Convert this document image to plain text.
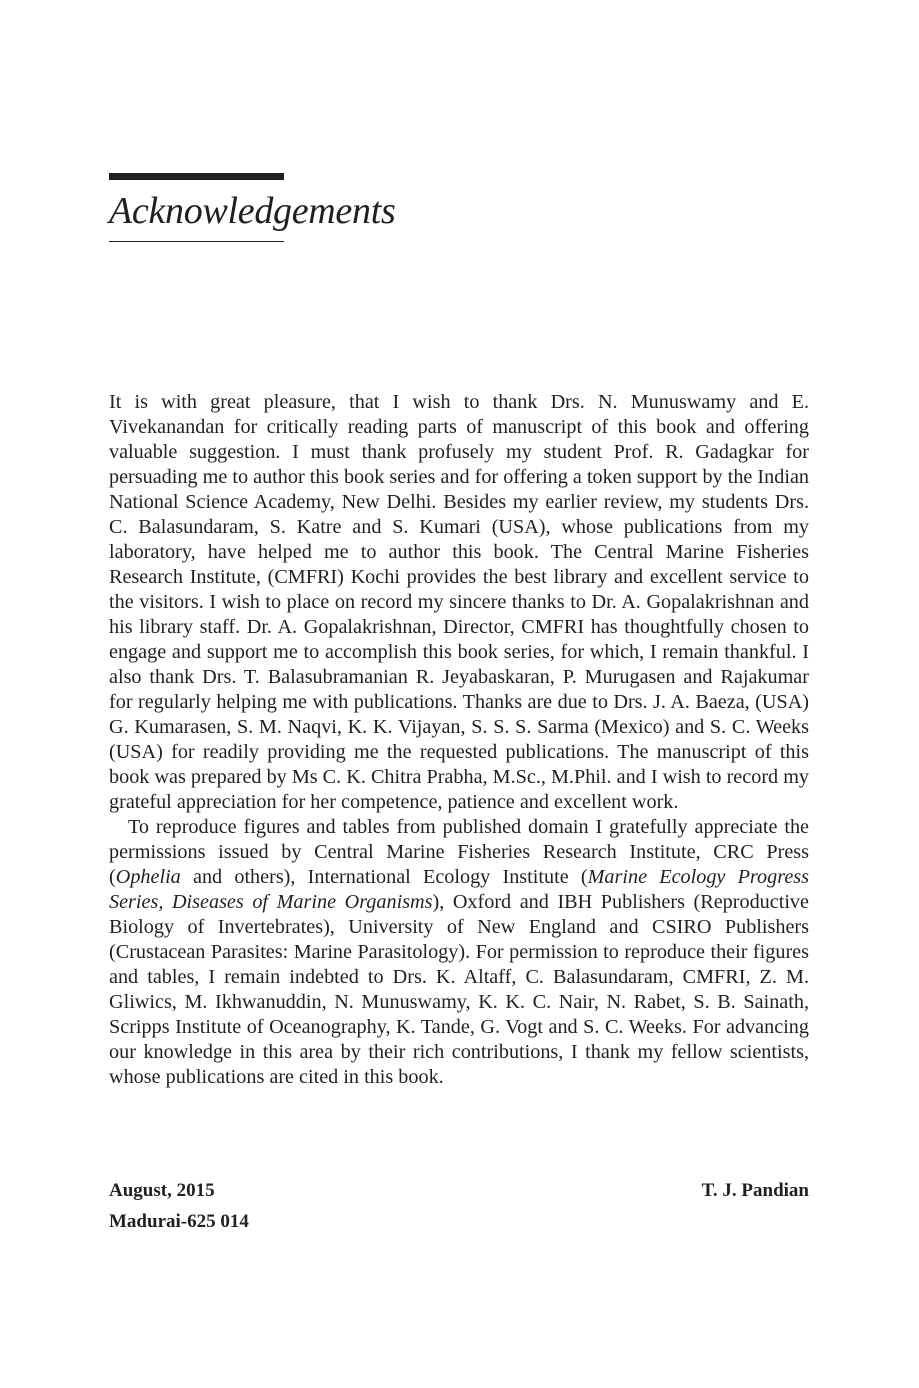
Acknowledgements

It is with great pleasure, that I wish to thank Drs. N. Munuswamy and E. Vivekanandan for critically reading parts of manuscript of this book and offering valuable suggestion. I must thank profusely my student Prof. R. Gadagkar for persuading me to author this book series and for offering a token support by the Indian National Science Academy, New Delhi. Besides my earlier review, my students Drs. C. Balasundaram, S. Katre and S. Kumari (USA), whose publications from my laboratory, have helped me to author this book. The Central Marine Fisheries Research Institute, (CMFRI) Kochi provides the best library and excellent service to the visitors. I wish to place on record my sincere thanks to Dr. A. Gopalakrishnan and his library staff. Dr. A. Gopalakrishnan, Director, CMFRI has thoughtfully chosen to engage and support me to accomplish this book series, for which, I remain thankful. I also thank Drs. T. Balasubramanian R. Jeyabaskaran, P. Murugasen and Rajakumar for regularly helping me with publications. Thanks are due to Drs. J. A. Baeza, (USA) G. Kumarasen, S. M. Naqvi, K. K. Vijayan, S. S. S. Sarma (Mexico) and S. C. Weeks (USA) for readily providing me the requested publications. The manuscript of this book was prepared by Ms C. K. Chitra Prabha, M.Sc., M.Phil. and I wish to record my grateful appreciation for her competence, patience and excellent work.

To reproduce figures and tables from published domain I gratefully appreciate the permissions issued by Central Marine Fisheries Research Institute, CRC Press (Ophelia and others), International Ecology Institute (Marine Ecology Progress Series, Diseases of Marine Organisms), Oxford and IBH Publishers (Reproductive Biology of Invertebrates), University of New England and CSIRO Publishers (Crustacean Parasites: Marine Parasitology). For permission to reproduce their figures and tables, I remain indebted to Drs. K. Altaff, C. Balasundaram, CMFRI, Z. M. Gliwics, M. Ikhwanuddin, N. Munuswamy, K. K. C. Nair, N. Rabet, S. B. Sainath, Scripps Institute of Oceanography, K. Tande, G. Vogt and S. C. Weeks. For advancing our knowledge in this area by their rich contributions, I thank my fellow scientists, whose publications are cited in this book.

August, 2015
Madurai-625 014
T. J. Pandian
